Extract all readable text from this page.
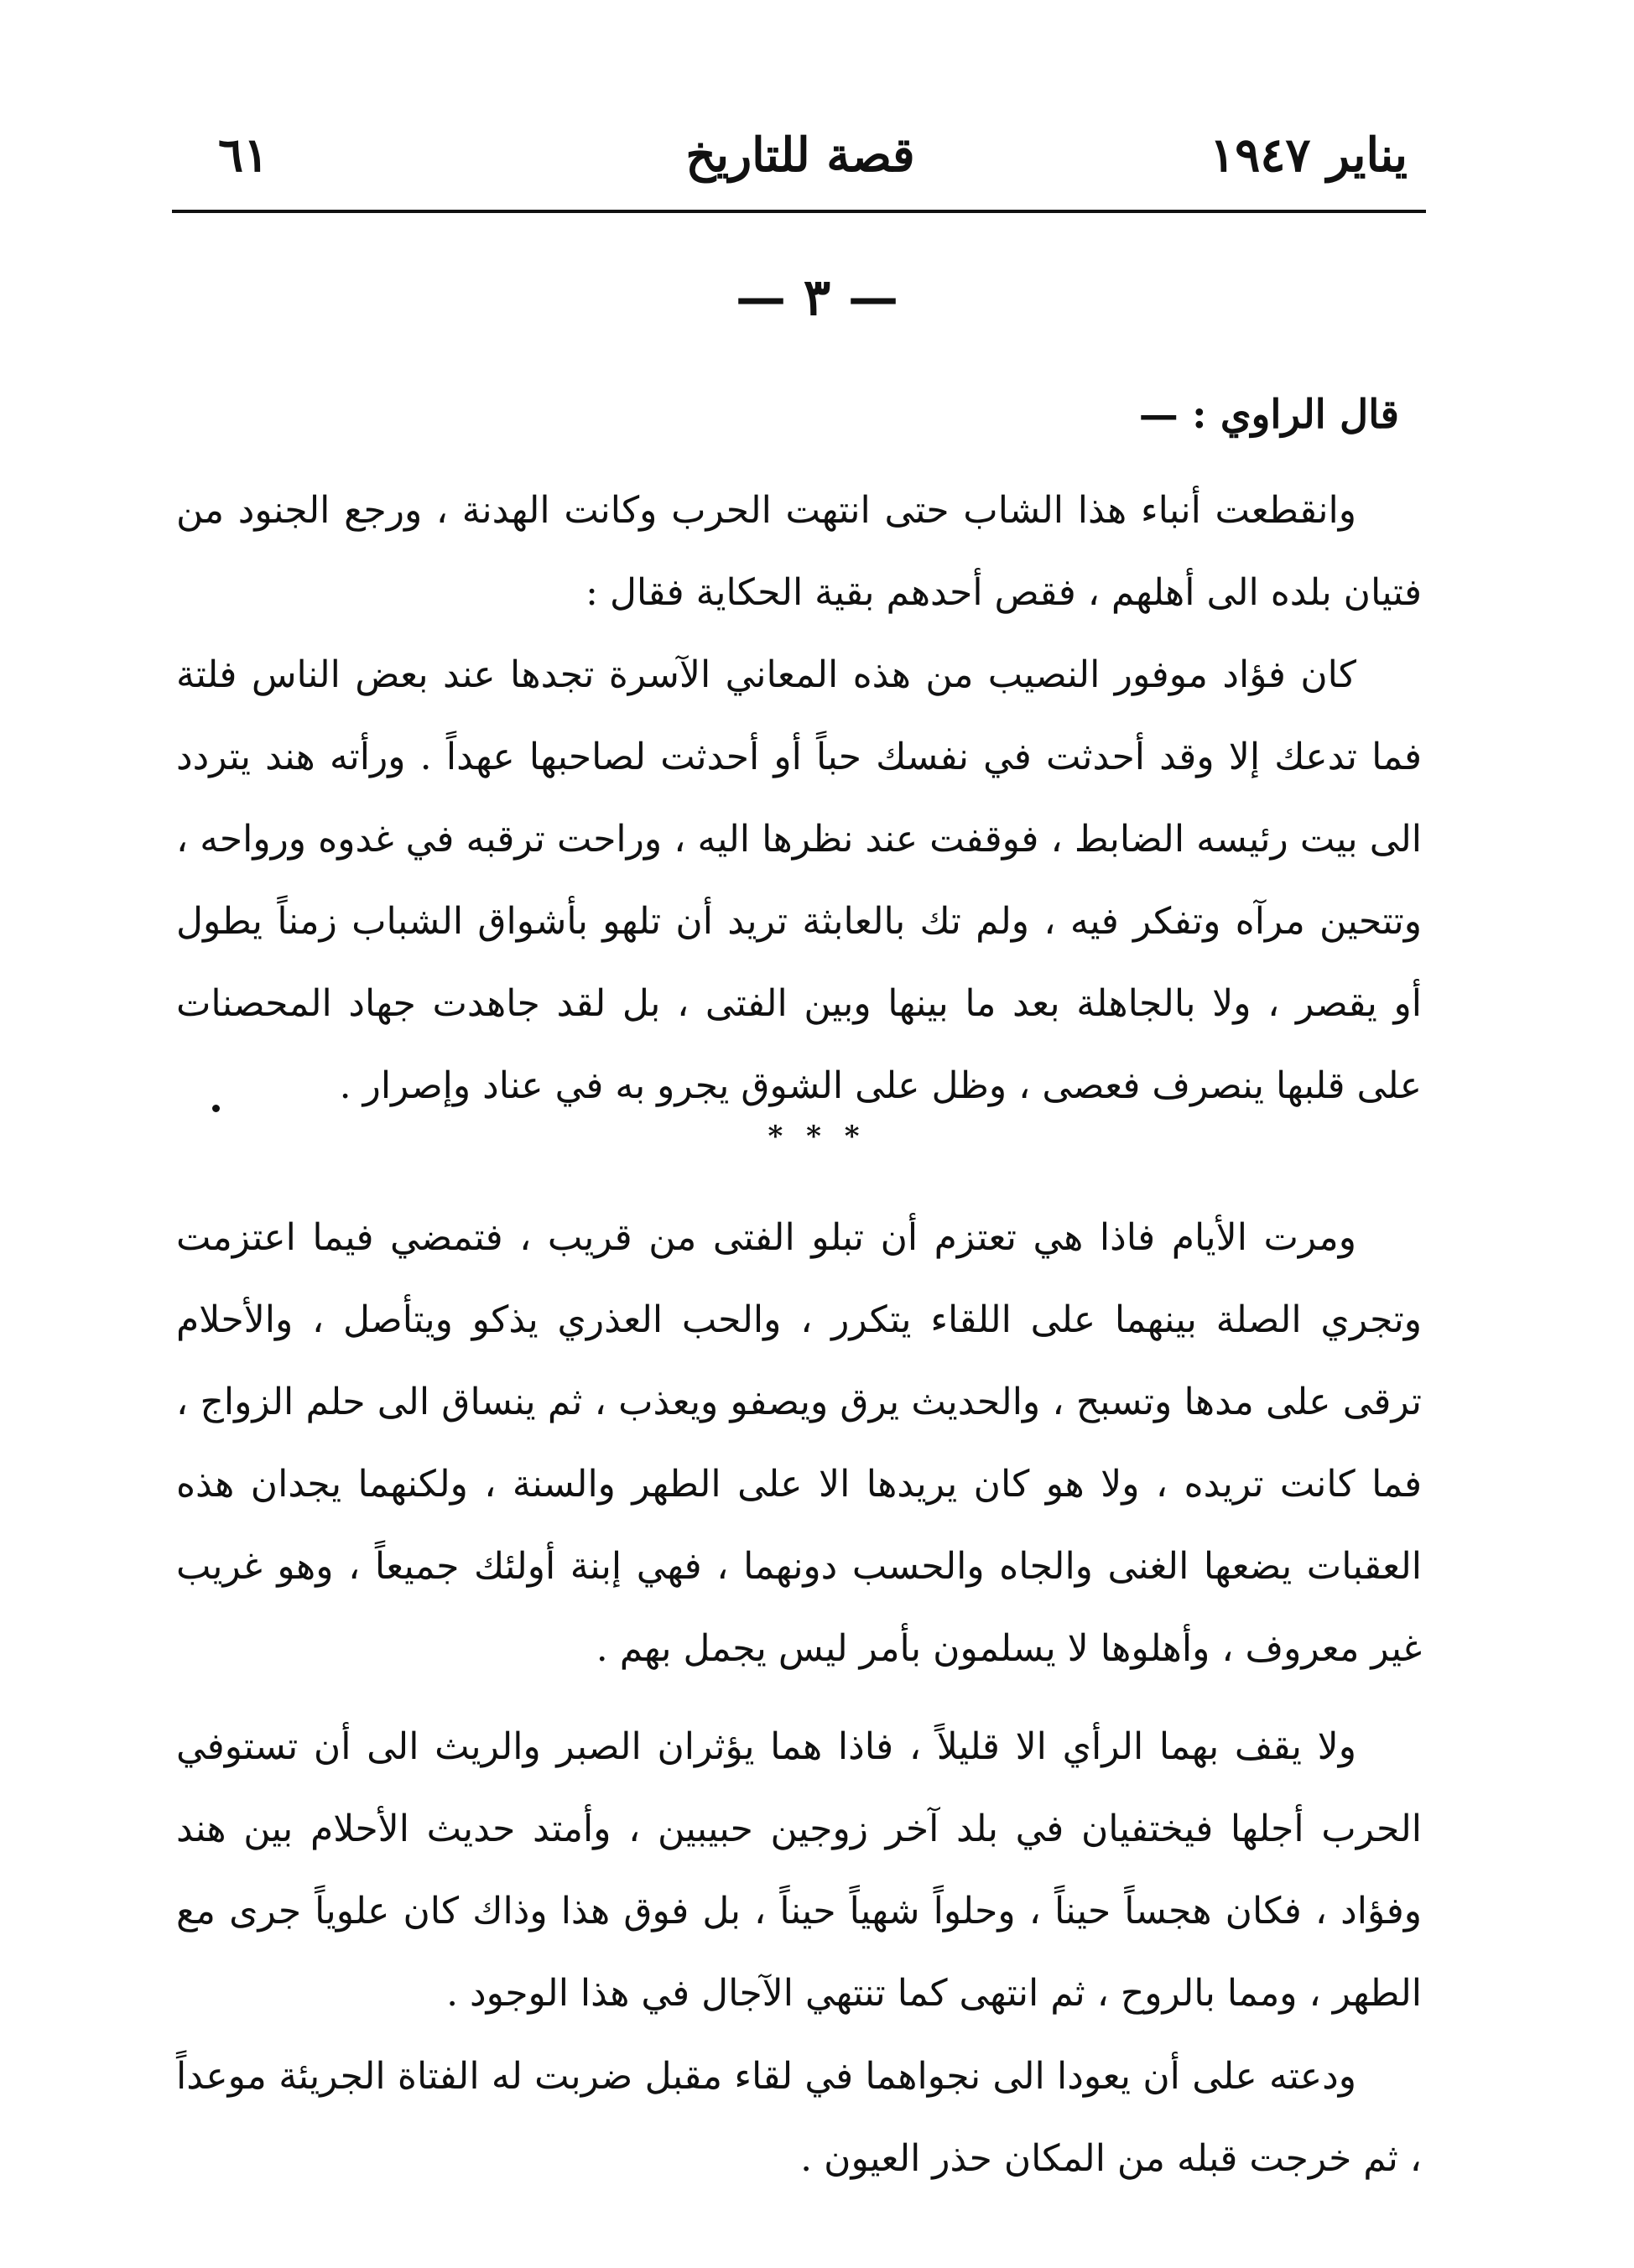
يناير ١٩٤٧
قصة للتاريخ
٦١
— ٣ —
قال الراوي : —

وانقطعت أنباء هذا الشاب حتى انتهت الحرب وكانت الهدنة ، ورجع الجنود من فتيان بلده الى أهلهم ، فقص أحدهم بقية الحكاية فقال :

كان فؤاد موفور النصيب من هذه المعاني الآسرة تجدها عند بعض الناس فلتة فما تدعك إلا وقد أحدثت في نفسك حباً أو أحدثت لصاحبها عهداً . ورأته هند يتردد الى بيت رئيسه الضابط ، فوقفت عند نظرها اليه ، وراحت ترقبه في غدوه ورواحه ، وتتحين مرآه وتفكر فيه ، ولم تك بالعابثة تريد أن تلهو بأشواق الشباب زمناً يطول أو يقصر ، ولا بالجاهلة بعد ما بينها وبين الفتى ، بل لقد جاهدت جهاد المحصنات على قلبها ينصرف فعصى ، وظل على الشوق يجرو به في عناد وإصرار .

* * *

ومرت الأيام فاذا هي تعتزم أن تبلو الفتى من قريب ، فتمضي فيما اعتزمت وتجري الصلة بينهما على اللقاء يتكرر ، والحب العذري يذكو ويتأصل ، والأحلام ترقى على مدها وتسبح ، والحديث يرق ويصفو ويعذب ، ثم ينساق الى حلم الزواج ، فما كانت تريده ، ولا هو كان يريدها الا على الطهر والسنة ، ولكنهما يجدان هذه العقبات يضعها الغنى والجاه والحسب دونهما ، فهي إبنة أولئك جميعاً ، وهو غريب غير معروف ، وأهلوها لا يسلمون بأمر ليس يجمل بهم .

ولا يقف بهما الرأي الا قليلاً ، فاذا هما يؤثران الصبر والريث الى أن تستوفي الحرب أجلها فيختفيان في بلد آخر زوجين حبيبين ، وأمتد حديث الأحلام بين هند وفؤاد ، فكان هجساً حيناً ، وحلواً شهياً حيناً ، بل فوق هذا وذاك كان علوياً جرى مع الطهر ، ومما بالروح ، ثم انتهى كما تنتهي الآجال في هذا الوجود .

ودعته على أن يعودا الى نجواهما في لقاء مقبل ضربت له الفتاة الجريئة موعداً ، ثم خرجت قبله من المكان حذر العيون .
